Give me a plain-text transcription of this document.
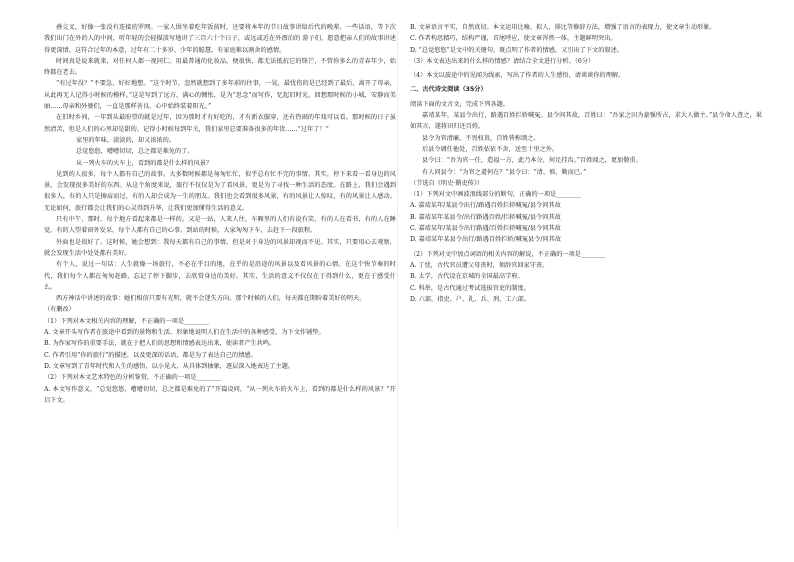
叠交叉，好像一张没有连接的罗网。一家人围坐着吃年饭前时，还要将本年的节日故事讲给后代的晚辈。一些话语，等下次我们出门在外的人的中间，听年轻的会轻描淡写地讲了三百六十个日子，或远或近在外漂泊的 游子们，愿意把亲人们的故事讲述得更深情。这符合过年的本意，过年有二十多岁、少年的聪慧，有家庭难以割舍的感情。

时间真是说来就来，对任何人都一视同仁。用最普通的化妆品，便很快，都无法抵抗它的锋芒，不管你多么的青春年少，始终都在老去。

“有过年没？”不要急，好好地想。“这个时节，忽然就想到了多年前的往事，一晃，最忧伤的是已经到了最后，离开了母亲，从此再无人记得小时候的模样。”这是写到了远方，满心的惆怅，是为“思念”而写作，忆起旧时光。回想那时候的小城，安静而美丽……母亲和外婆们，一直是那样善良，心中始终装着阳光。”

在旧时乡间，一年到头最盼望的就是过年，因为那时才有好吃的，才有新衣服穿，还有热闹的年戏可以看。那时候的日子虽然清苦，但是人们的心里却是甜的。记得小时候每到年关，我们家里总要准备很多的年货……“过年了！”

家里的年味，淡淡的，却又浓浓的。

总觉悠悠，嘈嘈切切，总之都是难免的了。

从一列火车的火车上，看到的都是什么样的风景？

见到的人很多，每个人都有自己的故事。大多数时候都是匆匆忙忙，似乎总有忙不完的事情。其实，停下来看一看身边的风景，会发现很多美好的东西。从这个角度来说，旅行不仅仅是为了看风景，更是为了寻找一种生活的态度。在路上，我们会遇到很多人，有的人只是擦肩而过，有的人却会成为一生的朋友。我们也会看到很多风景，有的风景让人惊叹，有的风景让人感动。无论如何，旅行都会让我们的心灵得到升华，让我们更加懂得生活的意义。

只有中午，那时，每个地方看起来都是一样的。又是一站，人来人往，车厢里的人们有说有笑，有的人在看书，有的人在睡觉，有的人望着窗外发呆，每个人都有自己的心事。到站的时候，大家匆匆下车，去赶下一段旅程。

外面也是很好了。这时候，她会想到：我每天都有自己的事情，但是对于身边的风景却视而不见。其实，只要用心去观察，就会发现生活中处处都有美好。

有个人，说过一句话：人生就像一场旅行，不必在乎目的地，在乎的是沿途的风景以及看风景的心情。在这个快节奏的时代，我们每个人都在匆匆赶路，忘记了停下脚步，去欣赏身边的美好。其实，生活的意义不仅仅在于得到什么，更在于感受什么。

西方神话中讲述的故事：她们相信只要有光明，就不会迷失方向。那个时候的人们，每天都在期盼着美好的明天。

（有删改）

（1）下列对本文相关内容的理解，不正确的一项是________

A. 文章开头写作者在旅途中看到的景物和生活，形象地说明人们在生活中的各种感受，为下文作铺垫。

B. 为作家写作的重要手法，就在于把人们的思想和情感表达出来，使读者产生共鸣。

C. 作者引用“你的旅行”的描述，以及更深的话语，都是为了表达自己的情感。

D. 文章写到了青年时代和人生的感悟，以小见大，从具体到抽象，逐层深入地表达了主题。

（2）下列对本文艺术特色的分析鉴赏，不正确的一项是________

A. 本文写作意义，“总觉悠悠，嘈嘈切切，总之都是难免的了”开篇设问，“从一列火车的火车上，看到的都是什么样的风景？”开启下文。

B. 文章语言平实，自然真切。本文运用比喻、拟人、排比等修辞方法，增强了语言的表现力，使文章生动形象。

C. 作者构思精巧，结构严谨，首尾呼应，使文章浑然一体，主题鲜明突出。

D. “总觉悠悠”是文中的关键句，既点明了作者的情感，又引出了下文的叙述。

（3）本文表达出来的什么样的情感？请结合全文进行分析。（6分）

（4）本文以旅途中的见闻为线索，写出了作者的人生感悟，请谈谈你的理解。

二、古代诗文阅读（35分）

阅读下面的文言文，完成下列各题。

嘉靖某年，某县令出行，路遇百姓拦轿喊冤。县令问其故，百姓曰：“吾家之田为豪强所占，求大人做主。”县令命人查之，果如其言，遂将田归还百姓。

县令为官清廉，不畏权贵，百姓皆称颂之。

后县令调任他处，百姓依依不舍，送至十里之外。

县令曰：“吾为官一任，造福一方，此乃本分，何足挂齿。”百姓闻之，更加敬重。

有人问县令：“为官之道何在？”县令曰：“清、慎、勤而已。”

（节选自《明史·循吏传》）

（1）下列对文中画波浪线部分的断句，正确的一项是________

A. 嘉靖某年/某县令出行/路遇百姓拦轿喊冤/县令问其故

B. 嘉靖某年某县令/出行路遇百姓/拦轿喊冤/县令问其故

C. 嘉靖某年/某县令出行路遇/百姓拦轿喊冤/县令问其故

D. 嘉靖某年某县令出行/路遇百姓拦轿/喊冤县令/问其故

（2）下列对文中加点词语的相关内容的解说，不正确的一项是________

A. 丁忧，古代官员遭父母丧时，须辞官回家守丧。

B. 太学，古代设在京城的全国最高学府。

C. 科举，是古代通过考试选拔官吏的制度。

D. 六部，指吏、户、礼、兵、刑、工六部。
